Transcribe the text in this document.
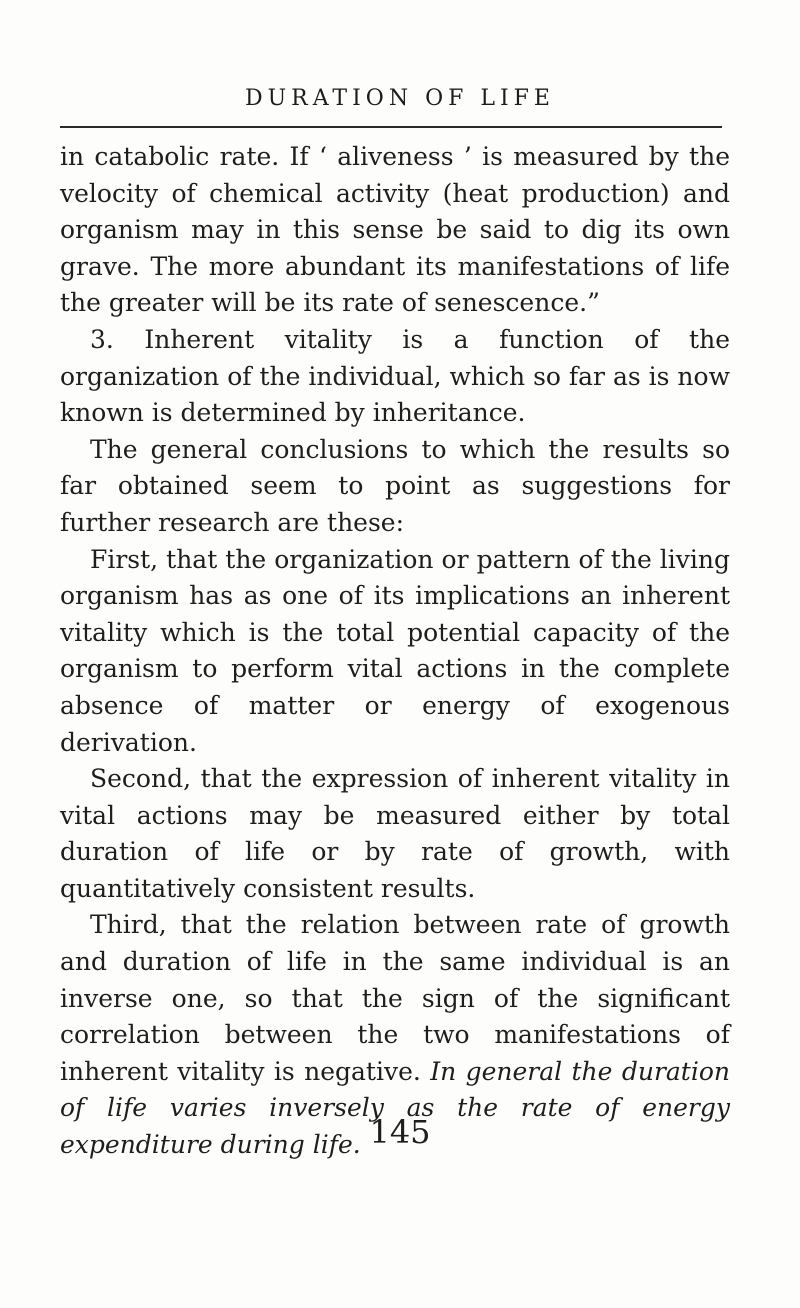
DURATION OF LIFE

in catabolic rate. If ‘ aliveness ’ is measured by the velocity of chemical activity (heat production) and organism may in this sense be said to dig its own grave. The more abundant its manifestations of life the greater will be its rate of senescence.”

3. Inherent vitality is a function of the organization of the individual, which so far as is now known is determined by inheritance.

The general conclusions to which the results so far obtained seem to point as suggestions for further research are these:

First, that the organization or pattern of the living organism has as one of its implications an inherent vitality which is the total potential capacity of the organism to perform vital actions in the complete absence of matter or energy of exogenous derivation.

Second, that the expression of inherent vitality in vital actions may be measured either by total duration of life or by rate of growth, with quantitatively consistent results.

Third, that the relation between rate of growth and duration of life in the same individual is an inverse one, so that the sign of the significant correlation between the two manifestations of inherent vitality is negative. In general the duration of life varies inversely as the rate of energy expenditure during life. 145
